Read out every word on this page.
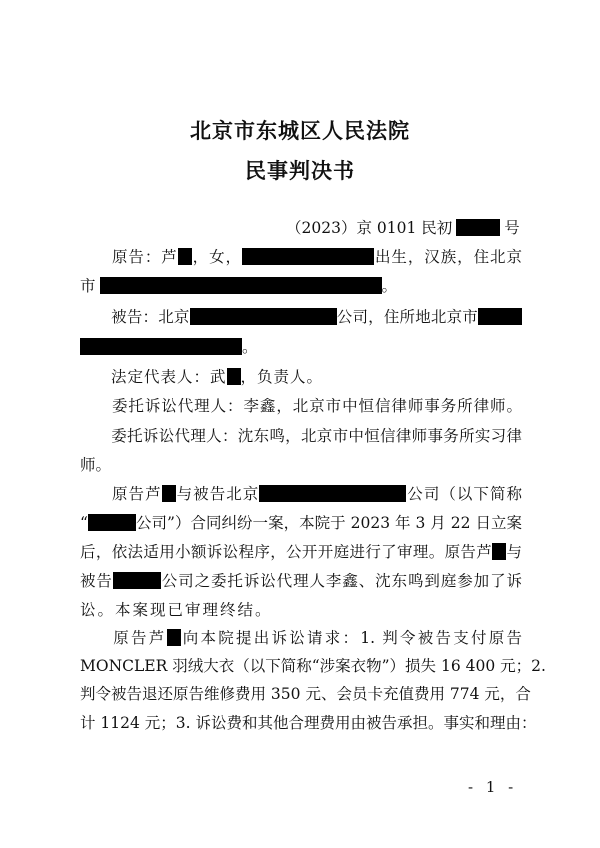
北京市东城区人民法院
民事判决书
（2023）京 0101 民初	号
原告：芦 ，女，	出生，汉族，住北京
市	。
被告：北京	公司，住所地北京市
。
法定代表人：武 ，负责人。
委托诉讼代理人：李鑫，北京市中恒信律师事务所律师。
委托诉讼代理人：沈东鸣，北京市中恒信律师事务所实习律
师。
原告芦 与被告北京	公司（以下简称
“	公司”）合同纠纷一案，本院于 2023 年 3 月 22 日立案
后，依法适用小额诉讼程序，公开开庭进行了审理。原告芦 与
被告	公司之委托诉讼代理人李鑫、沈东鸣到庭参加了诉
讼。本案现已审理终结。
原告芦 向本院提出诉讼请求：1. 判令被告支付原告
MONCLER 羽绒大衣（以下简称“涉案衣物”）损失 16 400 元；2.
判令被告退还原告维修费用 350 元、会员卡充值费用 774 元，合
计 1124 元；3. 诉讼费和其他合理费用由被告承担。事实和理由：
- 1 -
